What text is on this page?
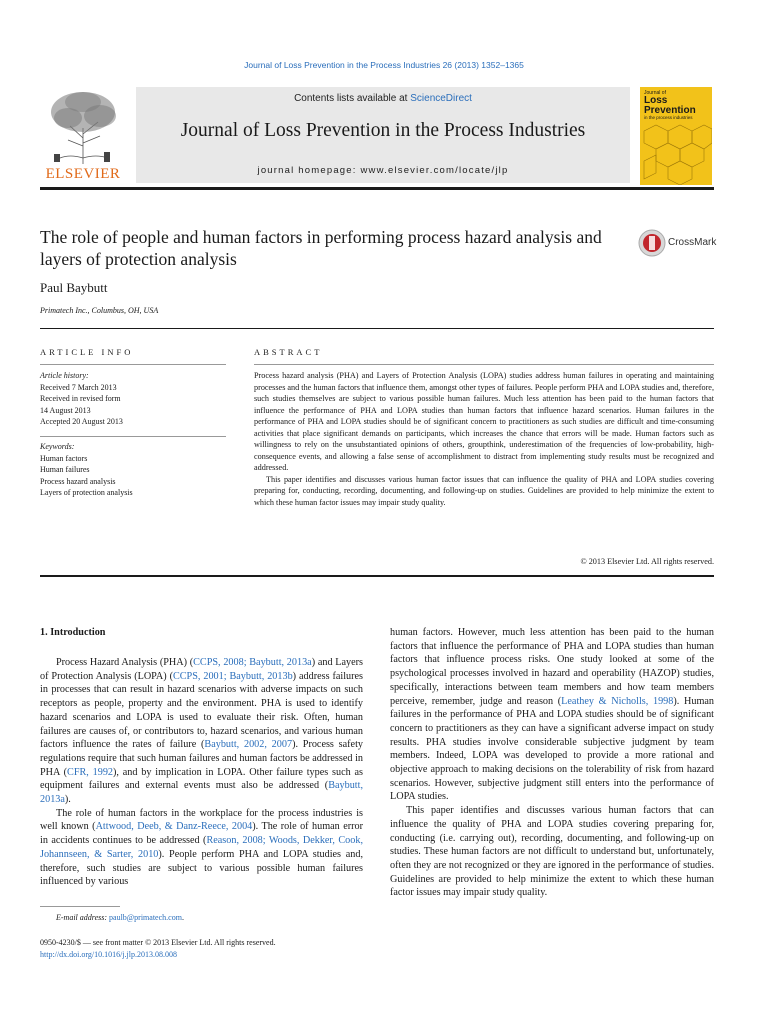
Journal of Loss Prevention in the Process Industries 26 (2013) 1352–1365
ELSEVIER
Contents lists available at ScienceDirect
Journal of Loss Prevention in the Process Industries
journal homepage: www.elsevier.com/locate/jlp
Journal of
Loss
Prevention
in the process industries
The role of people and human factors in performing process hazard analysis and layers of protection analysis
CrossMark
Paul Baybutt
Primatech Inc., Columbus, OH, USA
ARTICLE INFO
Article history:
Received 7 March 2013
Received in revised form
14 August 2013
Accepted 20 August 2013
Keywords:
Human factors
Human failures
Process hazard analysis
Layers of protection analysis
ABSTRACT

Process hazard analysis (PHA) and Layers of Protection Analysis (LOPA) studies address human failures in operating and maintaining processes and the human factors that influence them, amongst other types of failures. People perform PHA and LOPA studies and, therefore, such studies themselves are subject to various possible human failures. Much less attention has been paid to the human factors that influence the performance of PHA and LOPA studies than human factors that influence hazard scenarios. Human failures in the performance of PHA and LOPA studies should be of significant concern to practitioners as such studies are difficult and time-consuming activities that place significant demands on participants, which increases the chance that errors will be made. Human factors such as willingness to rely on the unsubstantiated opinions of others, groupthink, underestimation of the frequencies of low-probability, high-consequence events, and allowing a false sense of accomplishment to distract from implementing study results must be recognized and addressed.

This paper identifies and discusses various human factor issues that can influence the quality of PHA and LOPA studies covering preparing for, conducting, recording, documenting, and following-up on studies. Guidelines are provided to help minimize the extent to which these human factor issues may impair study quality.

© 2013 Elsevier Ltd. All rights reserved.
1. Introduction

Process Hazard Analysis (PHA) (CCPS, 2008; Baybutt, 2013a) and Layers of Protection Analysis (LOPA) (CCPS, 2001; Baybutt, 2013b) address failures in processes that can result in hazard scenarios with adverse impacts on such receptors as people, property and the environment. PHA is used to identify hazard scenarios and LOPA is used to evaluate their risk. Often, human failures are causes of, or contributors to, hazard scenarios, and various human factors influence the rates of failure (Baybutt, 2002, 2007). Process safety regulations require that such human failures and human factors be addressed in PHA (CFR, 1992), and by implication in LOPA. Other failure types such as equipment failures and external events must also be addressed (Baybutt, 2013a).

The role of human factors in the workplace for the process industries is well known (Attwood, Deeb, & Danz-Reece, 2004). The role of human error in accidents continues to be addressed (Reason, 2008; Woods, Dekker, Cook, Johannseen, & Sarter, 2010). People perform PHA and LOPA studies and, therefore, such studies are subject to various possible human failures influenced by various

human factors. However, much less attention has been paid to the human factors that influence the performance of PHA and LOPA studies than human factors that influence process risks. One study looked at some of the psychological processes involved in hazard and operability (HAZOP) studies, specifically, interactions between team members and how team members perceive, remember, judge and reason (Leathey & Nicholls, 1998). Human failures in the performance of PHA and LOPA studies should be of significant concern to practitioners as they can have a significant adverse impact on study results. PHA studies involve considerable subjective judgment by team members. Indeed, LOPA was developed to provide a more rational and objective approach to making decisions on the tolerability of risk from hazard scenarios. However, subjective judgment still enters into the performance of LOPA studies.

This paper identifies and discusses various human factors that can influence the quality of PHA and LOPA studies covering preparing for, conducting (i.e. carrying out), recording, documenting, and following-up on studies. These human factors are not difficult to understand but, unfortunately, often they are not recognized or they are ignored in the performance of studies. Guidelines are provided to help minimize the extent to which these human factor issues may impair study quality.

E-mail address: paulb@primatech.com.
0950-4230/$ — see front matter © 2013 Elsevier Ltd. All rights reserved.
http://dx.doi.org/10.1016/j.jlp.2013.08.008
